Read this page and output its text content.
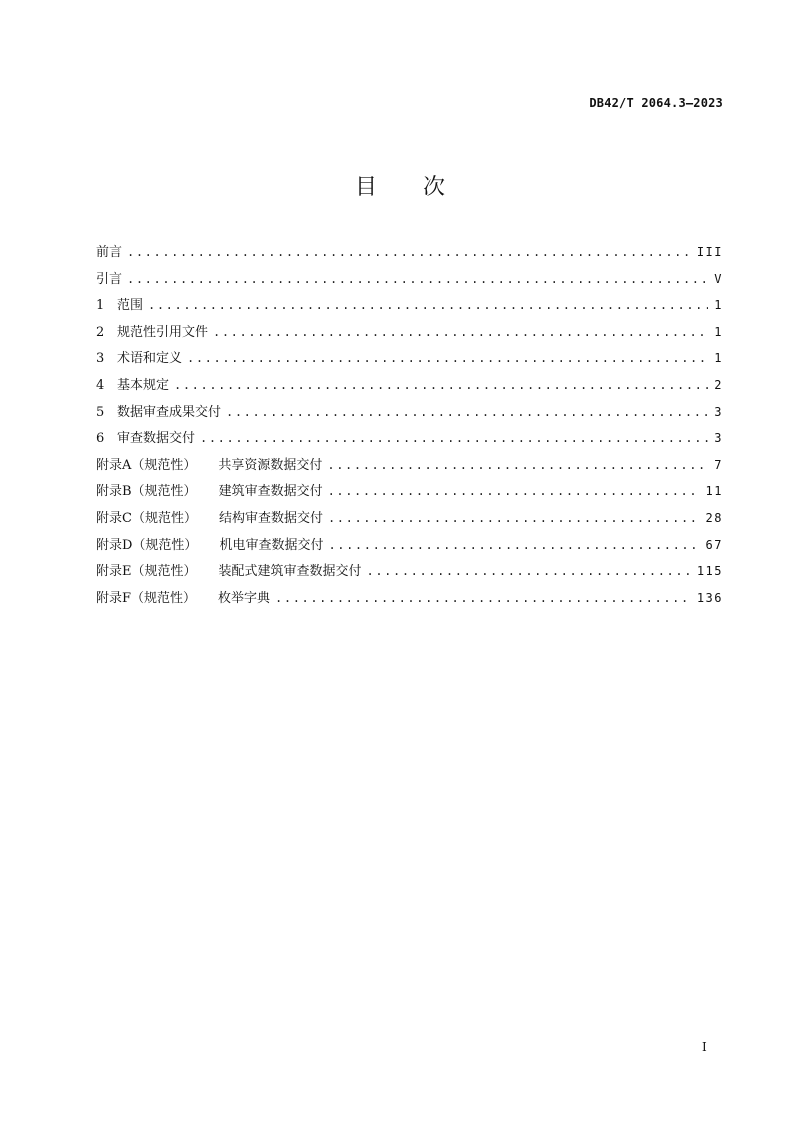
DB42/T 2064.3—2023
目 次
前言 .....	III
引言 .....	V
1 范围 .....	1
2 规范性引用文件 .....	1
3 术语和定义 .....	1
4 基本规定 .....	2
5 数据审查成果交付 .....	3
6 审查数据交付 .....	3
附录A（规范性） 共享资源数据交付 .....	7
附录B（规范性） 建筑审查数据交付 .....	11
附录C（规范性） 结构审查数据交付 .....	28
附录D（规范性） 机电审查数据交付 .....	67
附录E（规范性） 装配式建筑审查数据交付 .....	115
附录F（规范性） 枚举字典 .....	136
I
